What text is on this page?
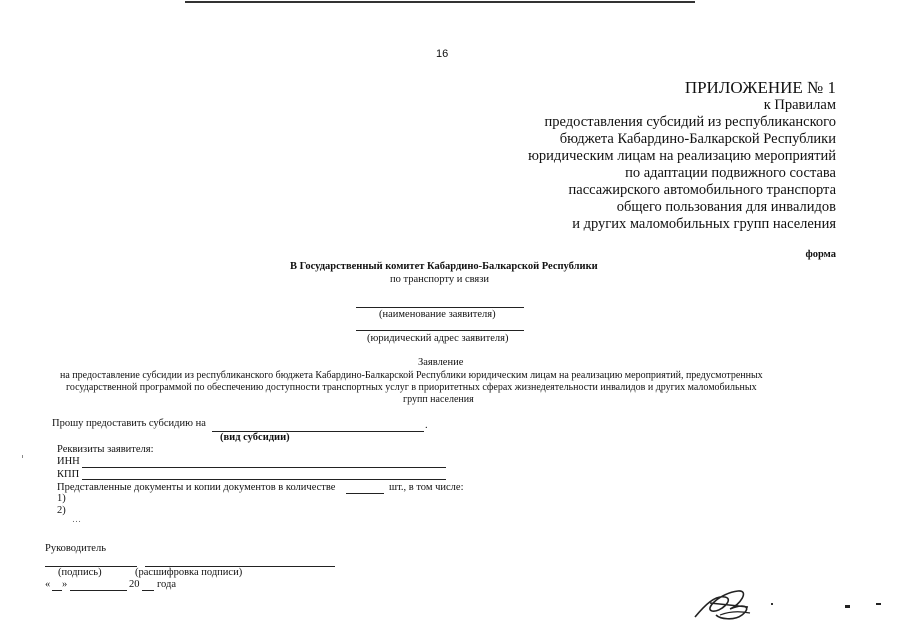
16
ПРИЛОЖЕНИЕ № 1
к Правилам
предоставления субсидий из республиканского
бюджета Кабардино-Балкарской Республики
юридическим лицам на реализацию мероприятий
по адаптации подвижного состава
пассажирского автомобильного транспорта
общего пользования для инвалидов
и других маломобильных групп населения
форма
В Государственный комитет Кабардино-Балкарской Республики
по транспорту и связи
(наименование заявителя)
(юридический адрес заявителя)
Заявление
на предоставление субсидии из республиканского бюджета Кабардино-Балкарской Республики юридическим лицам на реализацию мероприятий, предусмотренных
государственной программой по обеспечению доступности транспортных услуг в приоритетных сферах жизнедеятельности инвалидов и других маломобильных
групп населения
Прошу предоставить субсидию на	.
(вид субсидии)
Реквизиты заявителя:
ИНН
КПП
Представленные документы и копии документов в количестве	шт., в том числе:
1)
2)
…
Руководитель
(подпись)	(расшифровка подписи)
« »	20 года
